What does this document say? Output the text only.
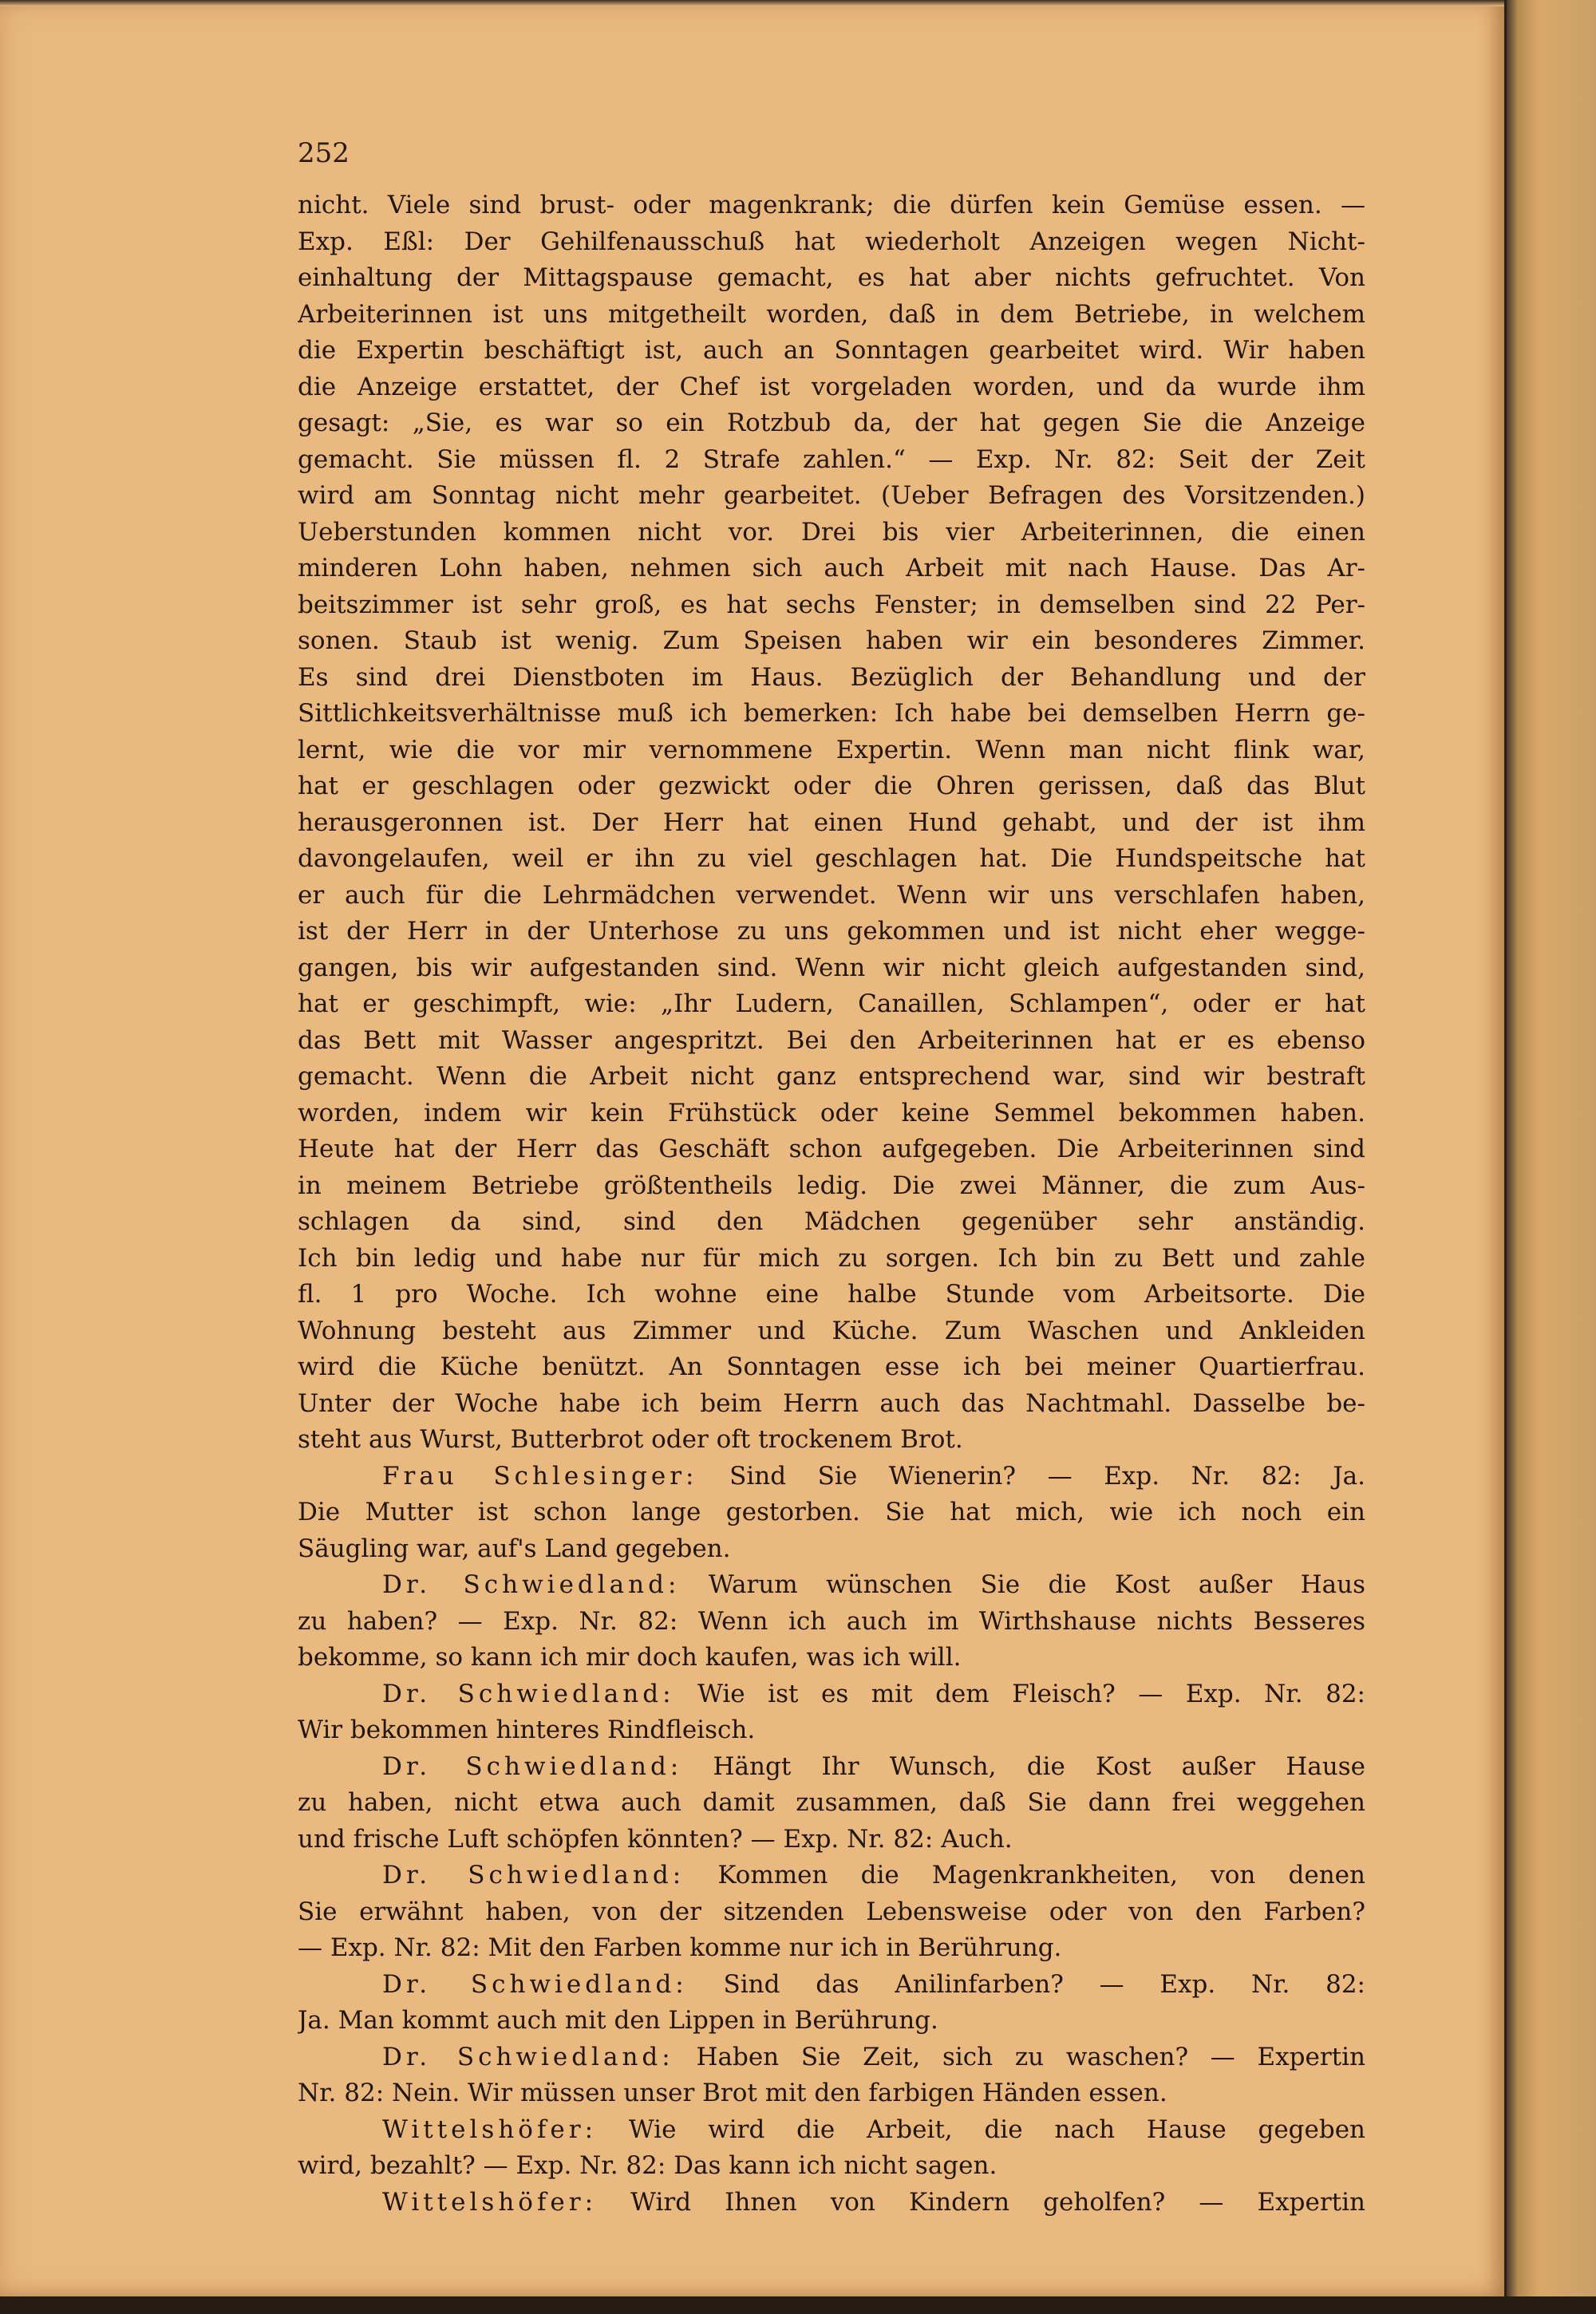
252
nicht. Viele sind brust- oder magenkrank; die dürfen kein Gemüse essen. —
Exp. Eßl: Der Gehilfenausschuß hat wiederholt Anzeigen wegen Nicht-
einhaltung der Mittagspause gemacht, es hat aber nichts gefruchtet. Von
Arbeiterinnen ist uns mitgetheilt worden, daß in dem Betriebe, in welchem
die Expertin beschäftigt ist, auch an Sonntagen gearbeitet wird. Wir haben
die Anzeige erstattet, der Chef ist vorgeladen worden, und da wurde ihm
gesagt: „Sie, es war so ein Rotzbub da, der hat gegen Sie die Anzeige
gemacht. Sie müssen fl. 2 Strafe zahlen.“ — Exp. Nr. 82: Seit der Zeit
wird am Sonntag nicht mehr gearbeitet. (Ueber Befragen des Vorsitzenden.)
Ueberstunden kommen nicht vor. Drei bis vier Arbeiterinnen, die einen
minderen Lohn haben, nehmen sich auch Arbeit mit nach Hause. Das Ar-
beitszimmer ist sehr groß, es hat sechs Fenster; in demselben sind 22 Per-
sonen. Staub ist wenig. Zum Speisen haben wir ein besonderes Zimmer.
Es sind drei Dienstboten im Haus. Bezüglich der Behandlung und der
Sittlichkeitsverhältnisse muß ich bemerken: Ich habe bei demselben Herrn ge-
lernt, wie die vor mir vernommene Expertin. Wenn man nicht flink war,
hat er geschlagen oder gezwickt oder die Ohren gerissen, daß das Blut
herausgeronnen ist. Der Herr hat einen Hund gehabt, und der ist ihm
davongelaufen, weil er ihn zu viel geschlagen hat. Die Hundspeitsche hat
er auch für die Lehrmädchen verwendet. Wenn wir uns verschlafen haben,
ist der Herr in der Unterhose zu uns gekommen und ist nicht eher wegge-
gangen, bis wir aufgestanden sind. Wenn wir nicht gleich aufgestanden sind,
hat er geschimpft, wie: „Ihr Ludern, Canaillen, Schlampen“, oder er hat
das Bett mit Wasser angespritzt. Bei den Arbeiterinnen hat er es ebenso
gemacht. Wenn die Arbeit nicht ganz entsprechend war, sind wir bestraft
worden, indem wir kein Frühstück oder keine Semmel bekommen haben.
Heute hat der Herr das Geschäft schon aufgegeben. Die Arbeiterinnen sind
in meinem Betriebe größtentheils ledig. Die zwei Männer, die zum Aus-
schlagen da sind, sind den Mädchen gegenüber sehr anständig.
Ich bin ledig und habe nur für mich zu sorgen. Ich bin zu Bett und zahle
fl. 1 pro Woche. Ich wohne eine halbe Stunde vom Arbeitsorte. Die
Wohnung besteht aus Zimmer und Küche. Zum Waschen und Ankleiden
wird die Küche benützt. An Sonntagen esse ich bei meiner Quartierfrau.
Unter der Woche habe ich beim Herrn auch das Nachtmahl. Dasselbe be-
steht aus Wurst, Butterbrot oder oft trockenem Brot.
Frau Schlesinger: Sind Sie Wienerin? — Exp. Nr. 82: Ja.
Die Mutter ist schon lange gestorben. Sie hat mich, wie ich noch ein
Säugling war, auf's Land gegeben.
Dr. Schwiedland: Warum wünschen Sie die Kost außer Haus
zu haben? — Exp. Nr. 82: Wenn ich auch im Wirthshause nichts Besseres
bekomme, so kann ich mir doch kaufen, was ich will.
Dr. Schwiedland: Wie ist es mit dem Fleisch? — Exp. Nr. 82:
Wir bekommen hinteres Rindfleisch.
Dr. Schwiedland: Hängt Ihr Wunsch, die Kost außer Hause
zu haben, nicht etwa auch damit zusammen, daß Sie dann frei weggehen
und frische Luft schöpfen könnten? — Exp. Nr. 82: Auch.
Dr. Schwiedland: Kommen die Magenkrankheiten, von denen
Sie erwähnt haben, von der sitzenden Lebensweise oder von den Farben?
— Exp. Nr. 82: Mit den Farben komme nur ich in Berührung.
Dr. Schwiedland: Sind das Anilinfarben? — Exp. Nr. 82:
Ja. Man kommt auch mit den Lippen in Berührung.
Dr. Schwiedland: Haben Sie Zeit, sich zu waschen? — Expertin
Nr. 82: Nein. Wir müssen unser Brot mit den farbigen Händen essen.
Wittelshöfer: Wie wird die Arbeit, die nach Hause gegeben
wird, bezahlt? — Exp. Nr. 82: Das kann ich nicht sagen.
Wittelshöfer: Wird Ihnen von Kindern geholfen? — Expertin
